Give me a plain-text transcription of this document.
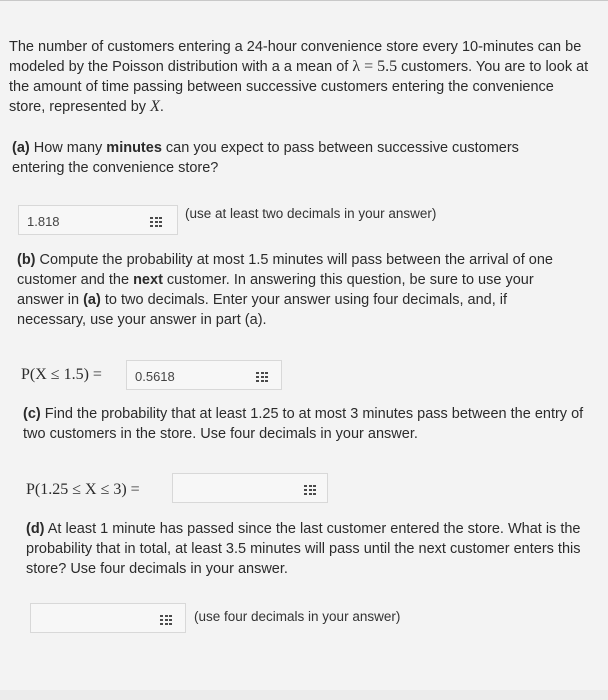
The number of customers entering a 24-hour convenience store every 10-minutes can be modeled by the Poisson distribution with a a mean of λ = 5.5 customers. You are to look at the amount of time passing between successive customers entering the convenience store, represented by X.

(a) How many minutes can you expect to pass between successive customers entering the convenience store?

1.818
(use at least two decimals in your answer)

(b) Compute the probability at most 1.5 minutes will pass between the arrival of one customer and the next customer. In answering this question, be sure to use your answer in (a) to two decimals. Enter your answer using four decimals, and, if necessary, use your answer in part (a).

P(X ≤ 1.5) =	0.5618

(c) Find the probability that at least 1.25 to at most 3 minutes pass between the entry of two customers in the store. Use four decimals in your answer.

P(1.25 ≤ X ≤ 3) =

(d) At least 1 minute has passed since the last customer entered the store. What is the probability that in total, at least 3.5 minutes will pass until the next customer enters this store? Use four decimals in your answer.

(use four decimals in your answer)
